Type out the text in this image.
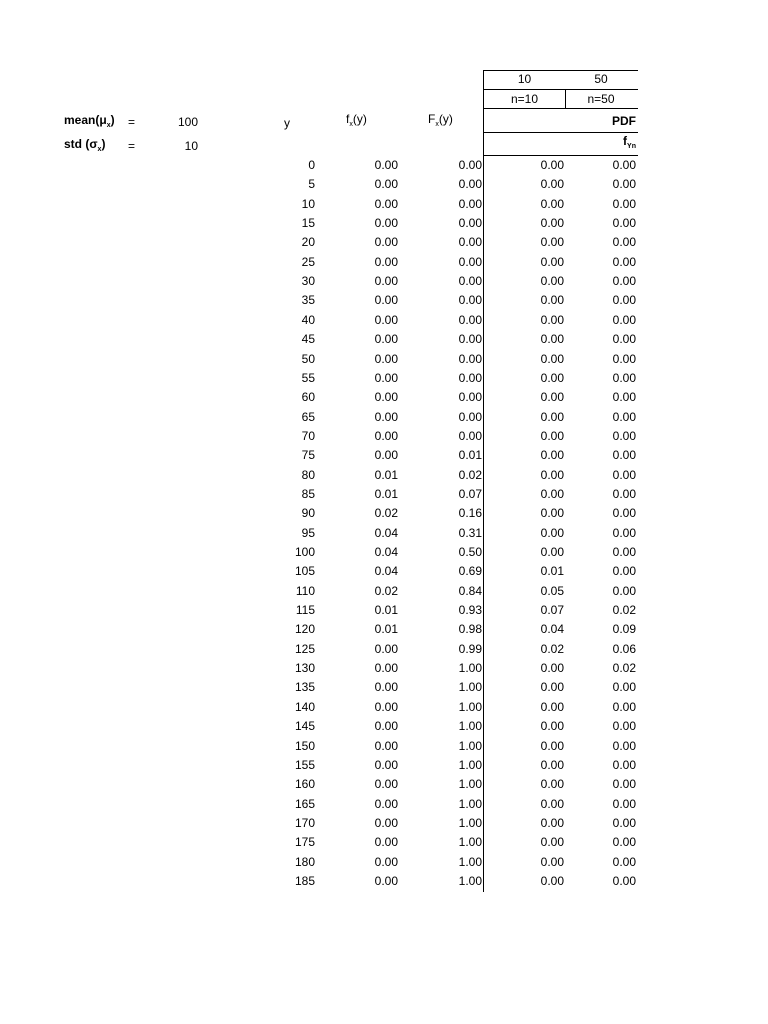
$mean(\mu_x)$	=	100
std $(\sigma_x)$	=	10
y	$f_x(y)$	$F_x(y)$
10	50
n=10	n=50
PDF
$f_{Yn}$
0	0.00	0.00	0.00	0.00
5	0.00	0.00	0.00	0.00
10	0.00	0.00	0.00	0.00
15	0.00	0.00	0.00	0.00
20	0.00	0.00	0.00	0.00
25	0.00	0.00	0.00	0.00
30	0.00	0.00	0.00	0.00
35	0.00	0.00	0.00	0.00
40	0.00	0.00	0.00	0.00
45	0.00	0.00	0.00	0.00
50	0.00	0.00	0.00	0.00
55	0.00	0.00	0.00	0.00
60	0.00	0.00	0.00	0.00
65	0.00	0.00	0.00	0.00
70	0.00	0.00	0.00	0.00
75	0.00	0.01	0.00	0.00
80	0.01	0.02	0.00	0.00
85	0.01	0.07	0.00	0.00
90	0.02	0.16	0.00	0.00
95	0.04	0.31	0.00	0.00
100	0.04	0.50	0.00	0.00
105	0.04	0.69	0.01	0.00
110	0.02	0.84	0.05	0.00
115	0.01	0.93	0.07	0.02
120	0.01	0.98	0.04	0.09
125	0.00	0.99	0.02	0.06
130	0.00	1.00	0.00	0.02
135	0.00	1.00	0.00	0.00
140	0.00	1.00	0.00	0.00
145	0.00	1.00	0.00	0.00
150	0.00	1.00	0.00	0.00
155	0.00	1.00	0.00	0.00
160	0.00	1.00	0.00	0.00
165	0.00	1.00	0.00	0.00
170	0.00	1.00	0.00	0.00
175	0.00	1.00	0.00	0.00
180	0.00	1.00	0.00	0.00
185	0.00	1.00	0.00	0.00
